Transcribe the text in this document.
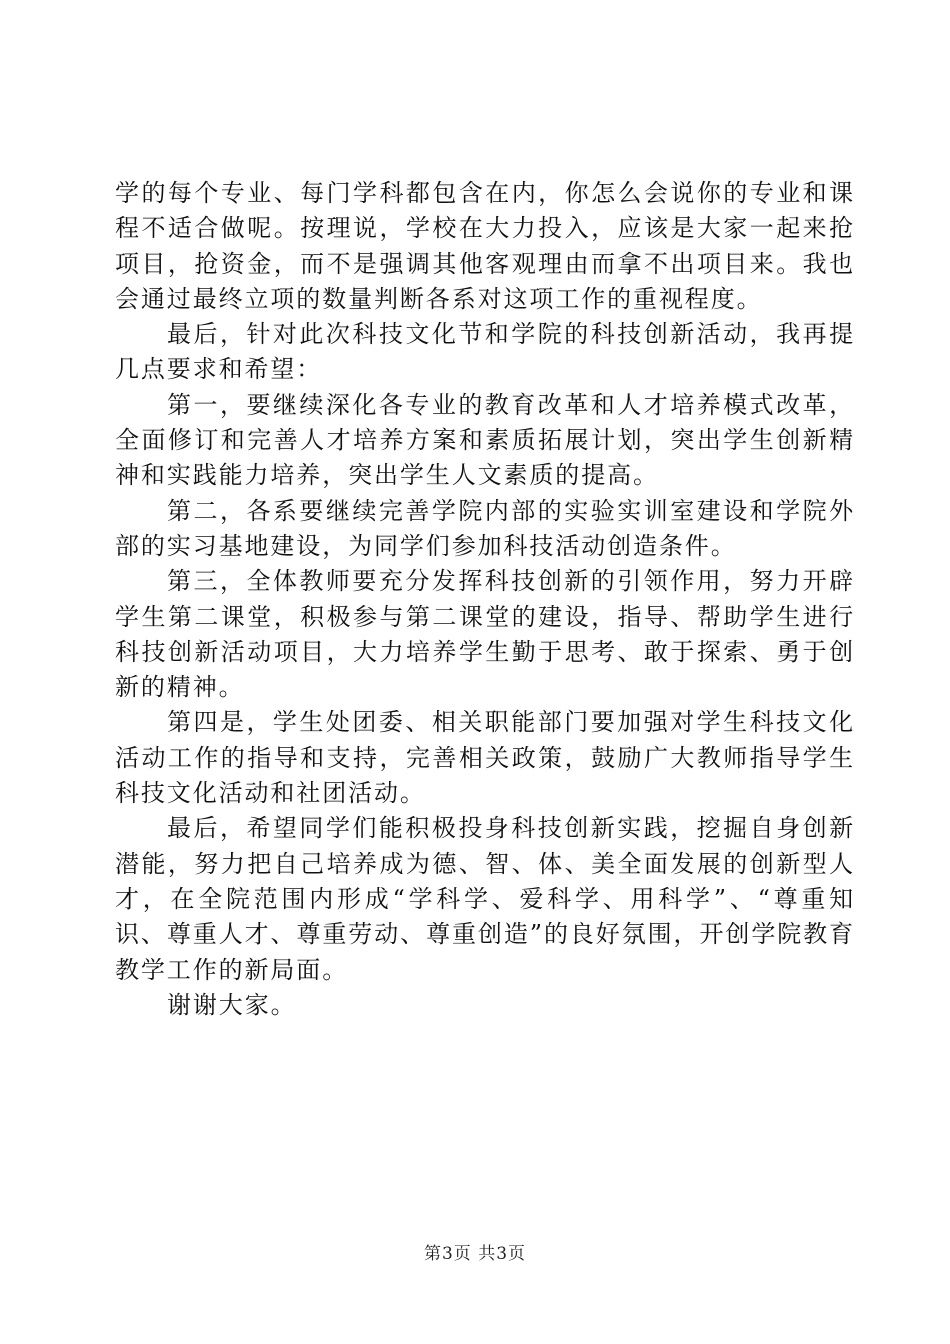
学的每个专业、每门学科都包含在内，你怎么会说你的专业和课程不适合做呢。按理说，学校在大力投入，应该是大家一起来抢项目，抢资金，而不是强调其他客观理由而拿不出项目来。我也会通过最终立项的数量判断各系对这项工作的重视程度。

最后，针对此次科技文化节和学院的科技创新活动，我再提几点要求和希望：

第一，要继续深化各专业的教育改革和人才培养模式改革，全面修订和完善人才培养方案和素质拓展计划，突出学生创新精神和实践能力培养，突出学生人文素质的提高。

第二，各系要继续完善学院内部的实验实训室建设和学院外部的实习基地建设，为同学们参加科技活动创造条件。

第三，全体教师要充分发挥科技创新的引领作用，努力开辟学生第二课堂，积极参与第二课堂的建设，指导、帮助学生进行科技创新活动项目，大力培养学生勤于思考、敢于探索、勇于创新的精神。

第四是，学生处团委、相关职能部门要加强对学生科技文化活动工作的指导和支持，完善相关政策，鼓励广大教师指导学生科技文化活动和社团活动。

最后，希望同学们能积极投身科技创新实践，挖掘自身创新潜能，努力把自己培养成为德、智、体、美全面发展的创新型人才，在全院范围内形成“学科学、爱科学、用科学”、“尊重知识、尊重人才、尊重劳动、尊重创造”的良好氛围，开创学院教育教学工作的新局面。

谢谢大家。

第3页 共3页
